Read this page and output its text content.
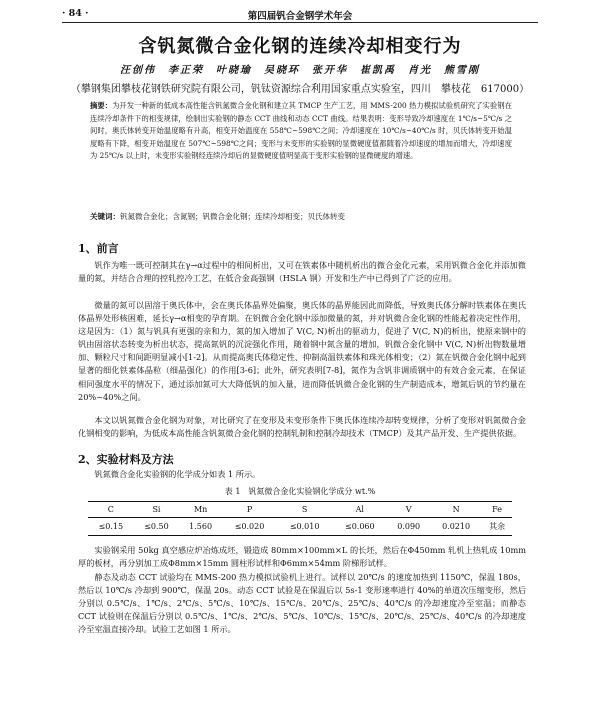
· 84 ·	第四届钒合金钢学术年会
含钒氮微合金化钢的连续冷却相变行为
汪创伟　李正荣　叶晓瑜　吴晓环　张开华　崔凯禹　肖光　熊雪刚
（攀钢集团攀枝花钢铁研究院有限公司，钒钛资源综合利用国家重点实验室，四川　攀枝花　617000）
摘要：为开发一种新的低成本高性能含钒氮微合金化钢和建立其 TMCP 生产工艺，用 MMS-200 热力模拟试验机研究了实验钢在连续冷却条件下的相变规律，绘制出实验钢的静态 CCT 曲线和动态 CCT 曲线。结果表明：变形导致冷却速度在 1℃/s~5℃/s 之间时，奥氏体转变开始温度略有升高，相变开始温度在 558℃~598℃之间；冷却速度在 10℃/s~40℃/s 时，贝氏体转变开始温度略有下降，相变开始温度在 507℃~598℃之间；变形与未变形的实验钢的显微硬度值都随着冷却速度的增加而增大，冷却速度为 25℃/s 以上时，未变形实验钢经连续冷却后的显微硬度值明显高于变形实验钢的显微硬度的增速。
关键词：钒氮微合金化；含氮钢；钒微合金化钢；连续冷却相变；贝氏体转变
1、前言

钒作为唯一既可控制其在γ→α过程中的相间析出，又可在铁素体中随机析出的微合金化元素，采用钒微合金化并添加微量的氮，并结合合理的控轧控冷工艺，在低合金高强钢（HSLA 钢）开发和生产中已得到了广泛的应用。

微量的氮可以固溶于奥氏体中，会在奥氏体晶界处偏聚，奥氏体的晶界能因此而降低，导致奥氏体分解时铁素体在奥氏体晶界处形核困难，延长γ→α相变的孕育期。在钒微合金化钢中添加微量的氮，并对钒微合金化钢的性能起着决定性作用，这是因为：（1）氮与钒具有更强的亲和力，氮的加入增加了 V(C, N)析出的驱动力，促进了 V(C, N)的析出，使原来钢中的钒由固溶状态转变为析出状态，提高氮钒的沉淀强化作用，随着钢中氮含量的增加，钒微合金化钢中 V(C, N)析出物数量增加、颗粒尺寸和间距明显减小[1-2]。从而提高奥氏体稳定性、抑制高温铁素体和珠光体相变；（2）氮在钒微合金化钢中起到显著的细化铁素体晶粒（细晶强化）的作用[3-6]；此外，研究表明[7-8]，氮作为含钒非调质钢中的有效合金元素，在保证相同强度水平的情况下，通过添加氮可大大降低钒的加入量，进而降低钒微合金化钢的生产制造成本，增氮后钒的节约量在 20%~40%之间。

本文以钒氮微合金化钢为对象，对比研究了在变形及未变形条件下奥氏体连续冷却转变规律，分析了变形对钒氮微合金化钢相变的影响，为低成本高性能含钒氮微合金化钢的控制轧制和控制冷却技术（TMCP）及其产品开发、生产提供依据。

2、实验材料及方法

钒氮微合金化实验钢的化学成分如表 1 所示。

表 1　钒氮微合金化实验钢化学成分 wt.%
C	Si	Mn	P	S	Al	V	N	Fe
≤0.15	≤0.50	1.560	≤0.020	≤0.010	≤0.060	0.090	0.0210	其余

实验钢采用 50kg 真空感应炉冶炼成坯，锻造成 80mm×100mm×L 的长坯，然后在Φ450mm 轧机上热轧成 10mm 厚的板材，再分别加工成Φ8mm×15mm 圆柱形试样和Φ6mm×54mm 阶梯形试样。

静态及动态 CCT 试验均在 MMS-200 热力模拟试验机上进行。试样以 20℃/s 的速度加热到 1150℃，保温 180s，然后以 10℃/s 冷却到 900℃，保温 20s。动态 CCT 试验是在保温后以 5s-1 变形速率进行 40%的单道次压缩变形，然后分别以 0.5℃/s、1℃/s、2℃/s、5℃/s、10℃/s、15℃/s、20℃/s、25℃/s、40℃/s 的冷却速度冷至室温；而静态 CCT 试验则在保温后分别以 0.5℃/s、1℃/s、2℃/s、5℃/s、10℃/s、15℃/s、20℃/s、25℃/s、40℃/s 的冷却速度冷至室温直接冷却。试验工艺如图 1 所示。
